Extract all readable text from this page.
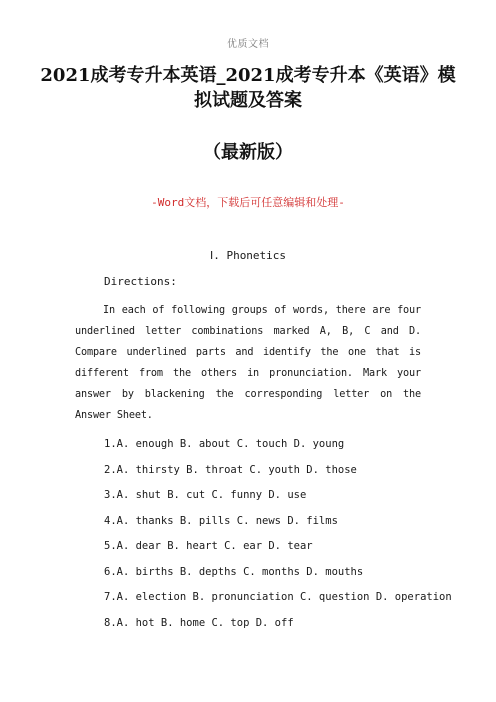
优质文档
2021成考专升本英语_2021成考专升本《英语》模拟试题及答案
（最新版）
-Word文档，下载后可任意编辑和处理-
Ⅰ. Phonetics
Directions:
In each of following groups of words, there are four underlined letter combinations marked A, B, C and D. Compare underlined parts and identify the one that is different from the others in pronunciation. Mark your answer by blackening the corresponding letter on the Answer Sheet.
1.A. enough B. about C. touch D. young
2.A. thirsty B. throat C. youth D. those
3.A. shut B. cut C. funny D. use
4.A. thanks B. pills C. news D. films
5.A. dear B. heart C. ear D. tear
6.A. births B. depths C. months D. mouths
7.A. election B. pronunciation C. question D. operation
8.A. hot B. home C. top D. off
